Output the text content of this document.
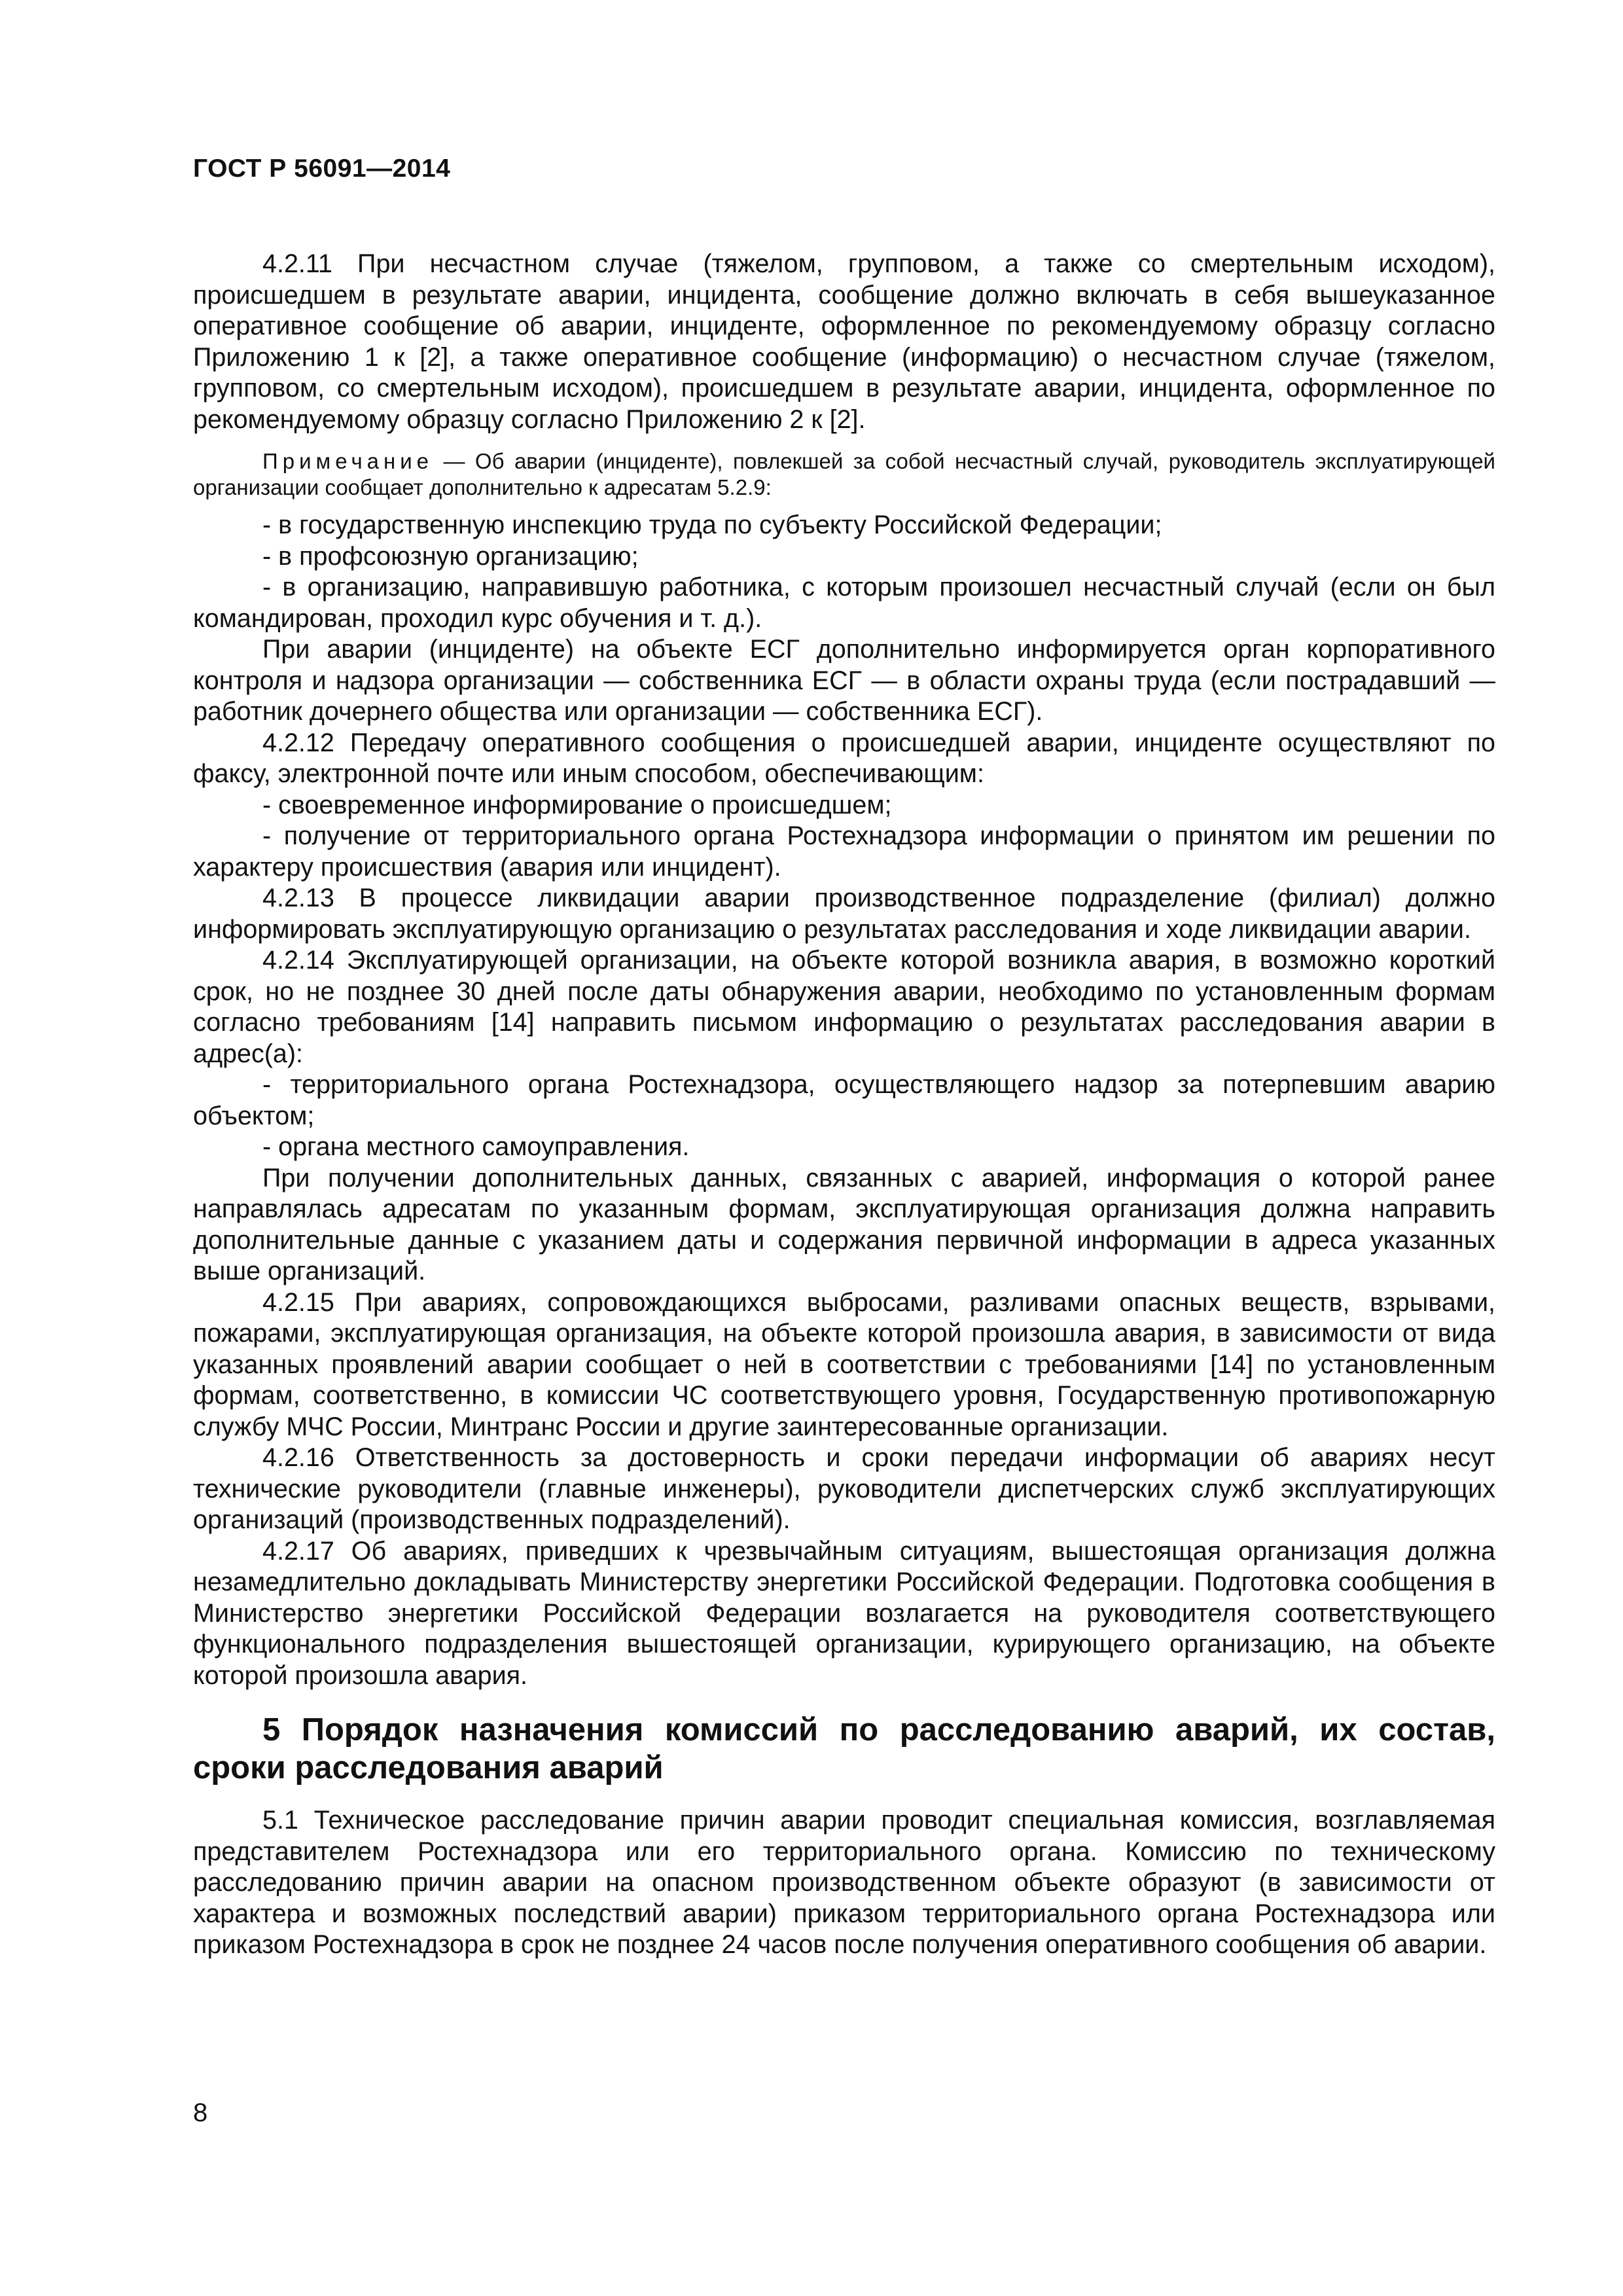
ГОСТ Р 56091—2014

4.2.11 При несчастном случае (тяжелом, групповом, а также со смертельным исходом), происшедшем в результате аварии, инцидента, сообщение должно включать в себя вышеуказанное оперативное сообщение об аварии, инциденте, оформленное по рекомендуемому образцу согласно Приложению 1 к [2], а также оперативное сообщение (информацию) о несчастном случае (тяжелом, групповом, со смертельным исходом), происшедшем в результате аварии, инцидента, оформленное по рекомендуемому образцу согласно Приложению 2 к [2].

Примечание — Об аварии (инциденте), повлекшей за собой несчастный случай, руководитель эксплуатирующей организации сообщает дополнительно к адресатам 5.2.9:

- в государственную инспекцию труда по субъекту Российской Федерации;

- в профсоюзную организацию;

- в организацию, направившую работника, с которым произошел несчастный случай (если он был командирован, проходил курс обучения и т. д.).

При аварии (инциденте) на объекте ЕСГ дополнительно информируется орган корпоративного контроля и надзора организации — собственника ЕСГ — в области охраны труда (если пострадавший — работник дочернего общества или организации — собственника ЕСГ).

4.2.12 Передачу оперативного сообщения о происшедшей аварии, инциденте осуществляют по факсу, электронной почте или иным способом, обеспечивающим:

- своевременное информирование о происшедшем;

- получение от территориального органа Ростехнадзора информации о принятом им решении по характеру происшествия (авария или инцидент).

4.2.13 В процессе ликвидации аварии производственное подразделение (филиал) должно информировать эксплуатирующую организацию о результатах расследования и ходе ликвидации аварии.

4.2.14 Эксплуатирующей организации, на объекте которой возникла авария, в возможно короткий срок, но не позднее 30 дней после даты обнаружения аварии, необходимо по установленным формам согласно требованиям [14] направить письмом информацию о результатах расследования аварии в адрес(а):

- территориального органа Ростехнадзора, осуществляющего надзор за потерпевшим аварию объектом;

- органа местного самоуправления.

При получении дополнительных данных, связанных с аварией, информация о которой ранее направлялась адресатам по указанным формам, эксплуатирующая организация должна направить дополнительные данные с указанием даты и содержания первичной информации в адреса указанных выше организаций.

4.2.15 При авариях, сопровождающихся выбросами, разливами опасных веществ, взрывами, пожарами, эксплуатирующая организация, на объекте которой произошла авария, в зависимости от вида указанных проявлений аварии сообщает о ней в соответствии с требованиями [14] по установленным формам, соответственно, в комиссии ЧС соответствующего уровня, Государственную противопожарную службу МЧС России, Минтранс России и другие заинтересованные организации.

4.2.16 Ответственность за достоверность и сроки передачи информации об авариях несут технические руководители (главные инженеры), руководители диспетчерских служб эксплуатирующих организаций (производственных подразделений).

4.2.17 Об авариях, приведших к чрезвычайным ситуациям, вышестоящая организация должна незамедлительно докладывать Министерству энергетики Российской Федерации. Подготовка сообщения в Министерство энергетики Российской Федерации возлагается на руководителя соответствующего функционального подразделения вышестоящей организации, курирующего организацию, на объекте которой произошла авария.

5 Порядок назначения комиссий по расследованию аварий, их состав, сроки расследования аварий

5.1 Техническое расследование причин аварии проводит специальная комиссия, возглавляемая представителем Ростехнадзора или его территориального органа. Комиссию по техническому расследованию причин аварии на опасном производственном объекте образуют (в зависимости от характера и возможных последствий аварии) приказом территориального органа Ростехнадзора или приказом Ростехнадзора в срок не позднее 24 часов после получения оперативного сообщения об аварии.

8
